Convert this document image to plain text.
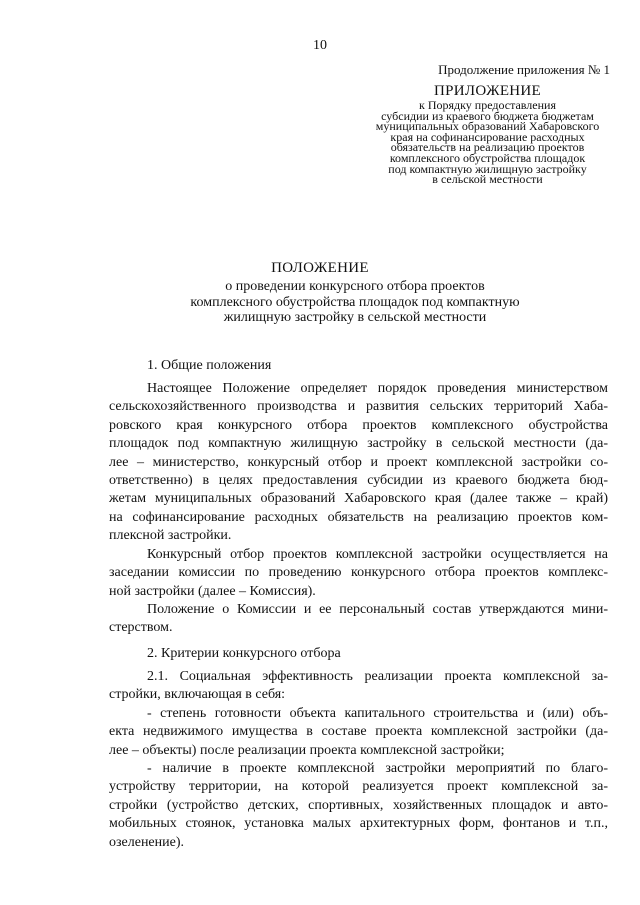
10
Продолжение приложения № 1
ПРИЛОЖЕНИЕ
к Порядку предоставления
субсидии из краевого бюджета бюджетам
муниципальных образований Хабаровского
края на софинансирование расходных
обязательств на реализацию проектов
комплексного обустройства площадок
под компактную жилищную застройку
в сельской местности
ПОЛОЖЕНИЕ
о проведении конкурсного отбора проектов
комплексного обустройства площадок под компактную
жилищную застройку в сельской местности
1. Общие положения
Настоящее Положение определяет порядок проведения министерством
сельскохозяйственного производства и развития сельских территорий Хаба-
ровского края конкурсного отбора проектов комплексного обустройства
площадок под компактную жилищную застройку в сельской местности (да-
лее – министерство, конкурсный отбор и проект комплексной застройки со-
ответственно) в целях предоставления субсидии из краевого бюджета бюд-
жетам муниципальных образований Хабаровского края (далее также – край)
на софинансирование расходных обязательств на реализацию проектов ком-
плексной застройки.
Конкурсный отбор проектов комплексной застройки осуществляется на
заседании комиссии по проведению конкурсного отбора проектов комплекс-
ной застройки (далее – Комиссия).
Положение о Комиссии и ее персональный состав утверждаются мини-
стерством.
2. Критерии конкурсного отбора
2.1. Социальная эффективность реализации проекта комплексной за-
стройки, включающая в себя:
- степень готовности объекта капитального строительства и (или) объ-
екта недвижимого имущества в составе проекта комплексной застройки (да-
лее – объекты) после реализации проекта комплексной застройки;
- наличие в проекте комплексной застройки мероприятий по благо-
устройству территории, на которой реализуется проект комплексной за-
стройки (устройство детских, спортивных, хозяйственных площадок и авто-
мобильных стоянок, установка малых архитектурных форм, фонтанов и т.п.,
озеленение).
